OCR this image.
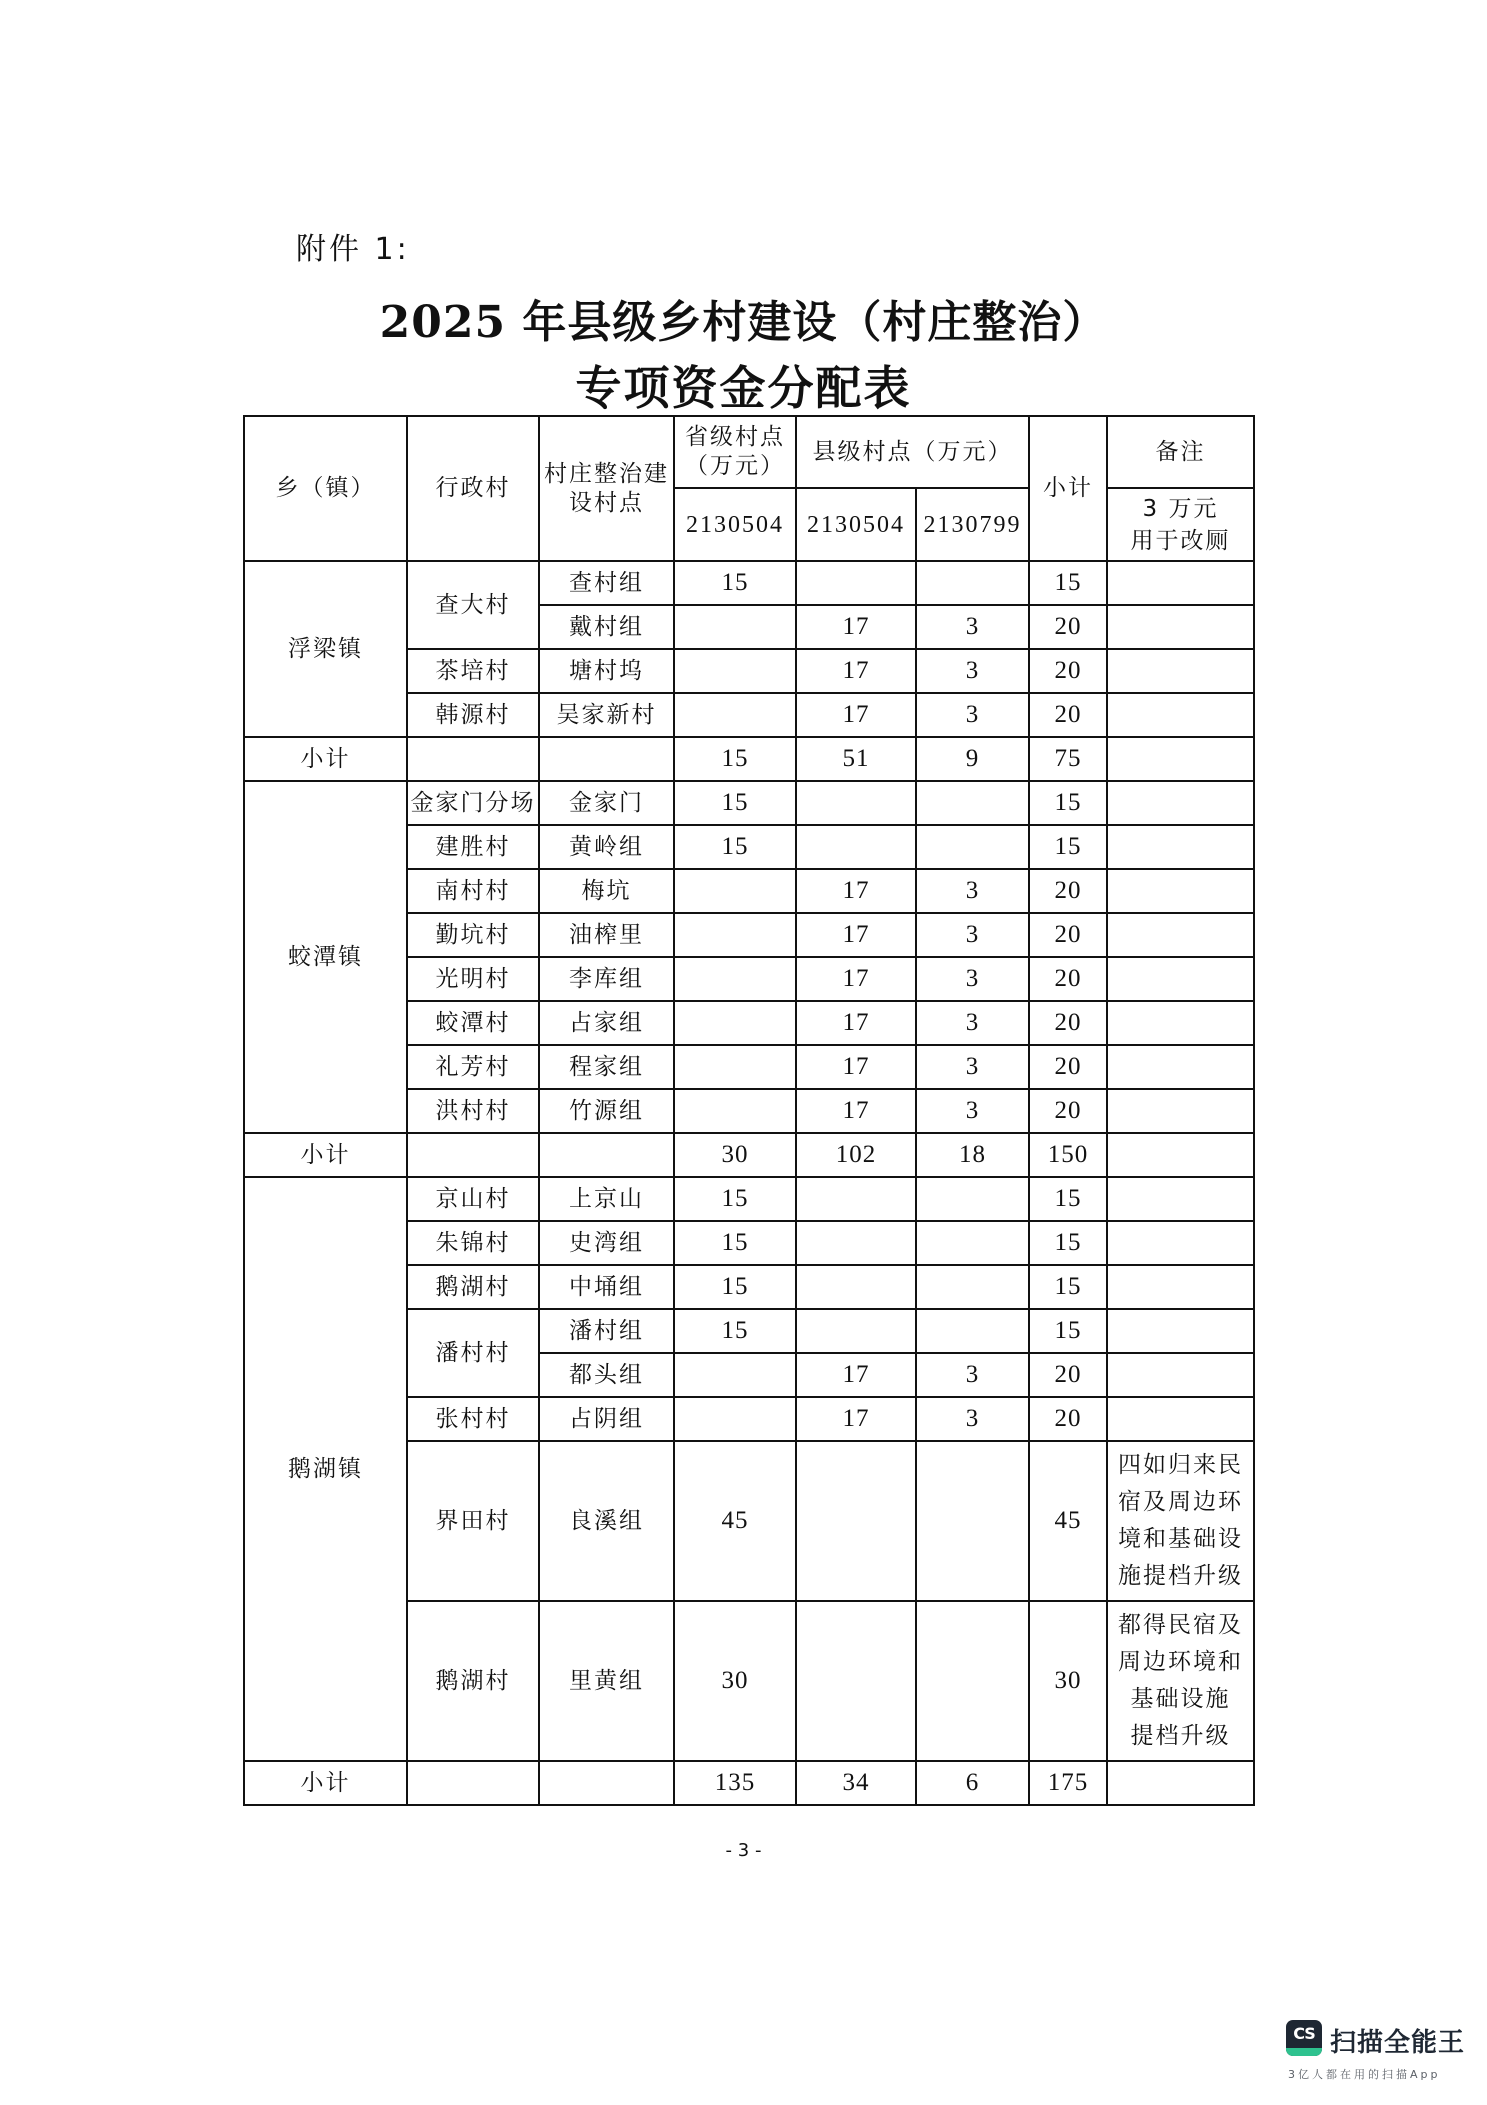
附件 1:
2025 年县级乡村建设（村庄整治）
专项资金分配表
乡（镇）	行政村	村庄整治建设村点	省级村点（万元）	县级村点（万元）		小计	备注
			2130504	2130504	2130799		3 万元
用于改厕

浮梁镇	查大村	查村组	15			15	
		戴村组		17	3	20	
	茶培村	塘村坞		17	3	20	
	韩源村	吴家新村		17	3	20	
小计			15	51	9	75	
蛟潭镇	金家门分场	金家门	15			15	
	建胜村	黄岭组	15			15	
	南村村	梅坑		17	3	20	
	勤坑村	油榨里		17	3	20	
	光明村	李库组		17	3	20	
	蛟潭村	占家组		17	3	20	
	礼芳村	程家组		17	3	20	
	洪村村	竹源组		17	3	20	
小计			30	102	18	150	
鹅湖镇	京山村	上京山	15			15	
	朱锦村	史湾组	15			15	
	鹅湖村	中埇组	15			15	
	潘村村	潘村组	15			15	
		都头组		17	3	20	
	张村村	占阴组		17	3	20	
	界田村	良溪组	45			45	四如归来民
宿及周边环
境和基础设
施提档升级

	鹅湖村	里黄组	30			30	都得民宿及
周边环境和
基础设施
提档升级

小计			135	34	6	175	
- 3 -
CS 扫描全能王
3亿人都在用的扫描App
